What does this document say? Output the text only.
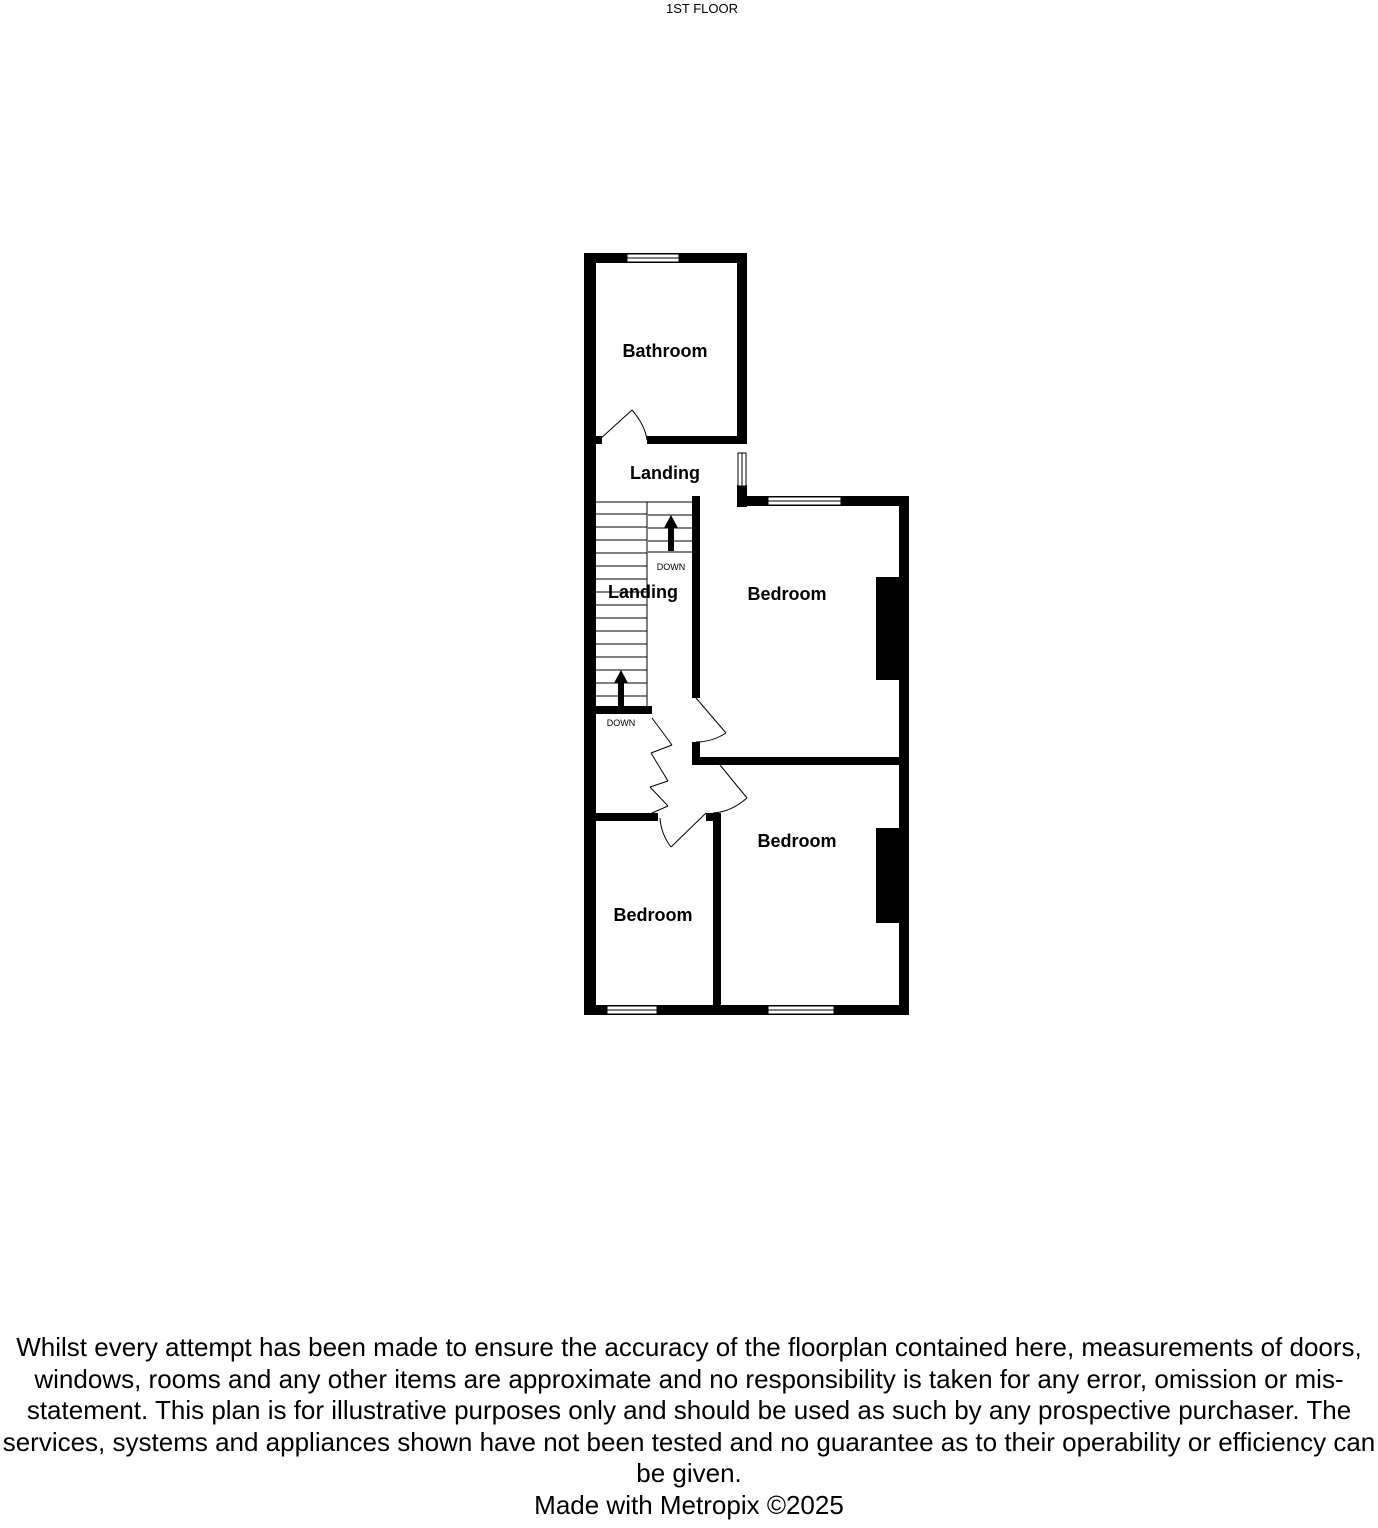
1ST FLOOR
Bathroom
Landing
Landing	Bedroom
Bedroom
Bedroom
DOWN
DOWN

Whilst every attempt has been made to ensure the accuracy of the floorplan contained here, measurements of doors, windows, rooms and any other items are approximate and no responsibility is taken for any error, omission or mis-statement. This plan is for illustrative purposes only and should be used as such by any prospective purchaser. The services, systems and appliances shown have not been tested and no guarantee as to their operability or efficiency can be given.

Made with Metropix ©2025
